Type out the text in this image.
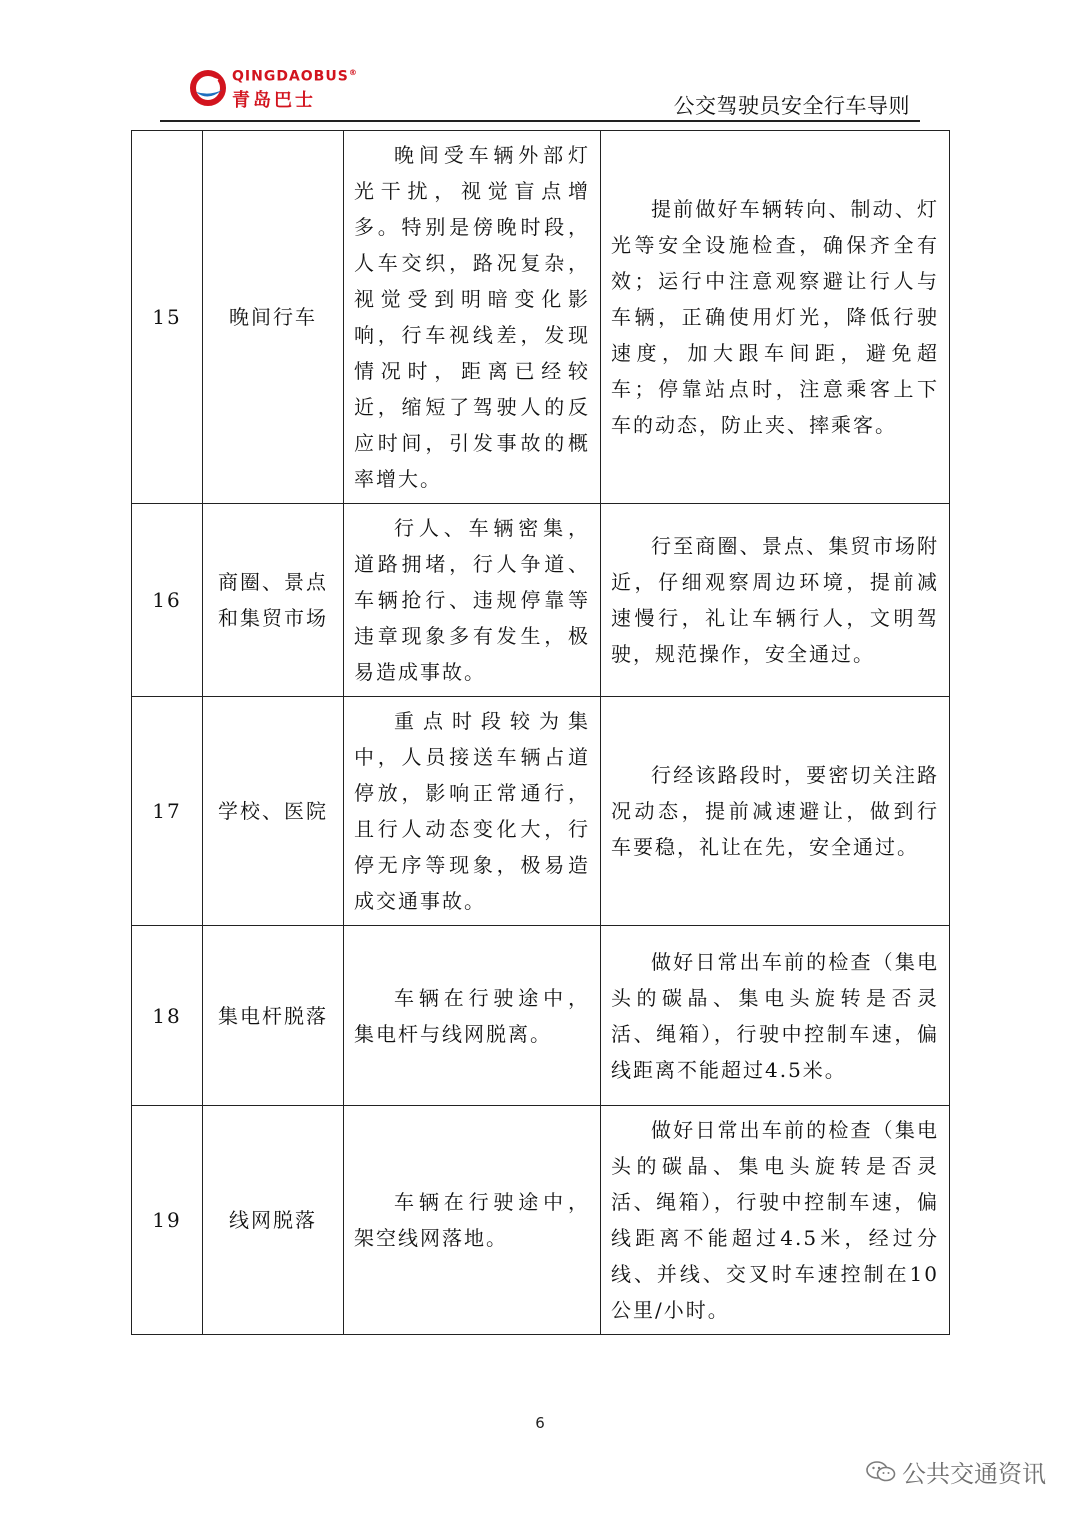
QINGDAOBUS®
青岛巴士	公交驾驶员安全行车导则
15	晚间行车	晚间受车辆外部灯光干扰，视觉盲点增多。特别是傍晚时段，人车交织，路况复杂，视觉受到明暗变化影响，行车视线差，发现情况时，距离已经较近，缩短了驾驶人的反应时间，引发事故的概率增大。	提前做好车辆转向、制动、灯光等安全设施检查，确保齐全有效；运行中注意观察避让行人与车辆，正确使用灯光，降低行驶速度，加大跟车间距，避免超车；停靠站点时，注意乘客上下车的动态，防止夹、摔乘客。

16	商圈、景点和集贸市场	行人、车辆密集，道路拥堵，行人争道、车辆抢行、违规停靠等违章现象多有发生，极易造成事故。	行至商圈、景点、集贸市场附近，仔细观察周边环境，提前减速慢行，礼让车辆行人，文明驾驶，规范操作，安全通过。

17	学校、医院	重点时段较为集中，人员接送车辆占道停放，影响正常通行，且行人动态变化大，行停无序等现象，极易造成交通事故。	行经该路段时，要密切关注路况动态，提前减速避让，做到行车要稳，礼让在先，安全通过。

18	集电杆脱落	车辆在行驶途中，集电杆与线网脱离。	做好日常出车前的检查（集电头的碳晶、集电头旋转是否灵活、绳箱），行驶中控制车速，偏线距离不能超过4.5米。

19	线网脱落	车辆在行驶途中，架空线网落地。	做好日常出车前的检查（集电头的碳晶、集电头旋转是否灵活、绳箱），行驶中控制车速，偏线距离不能超过4.5米，经过分线、并线、交叉时车速控制在10公里/小时。
6
公共交通资讯
